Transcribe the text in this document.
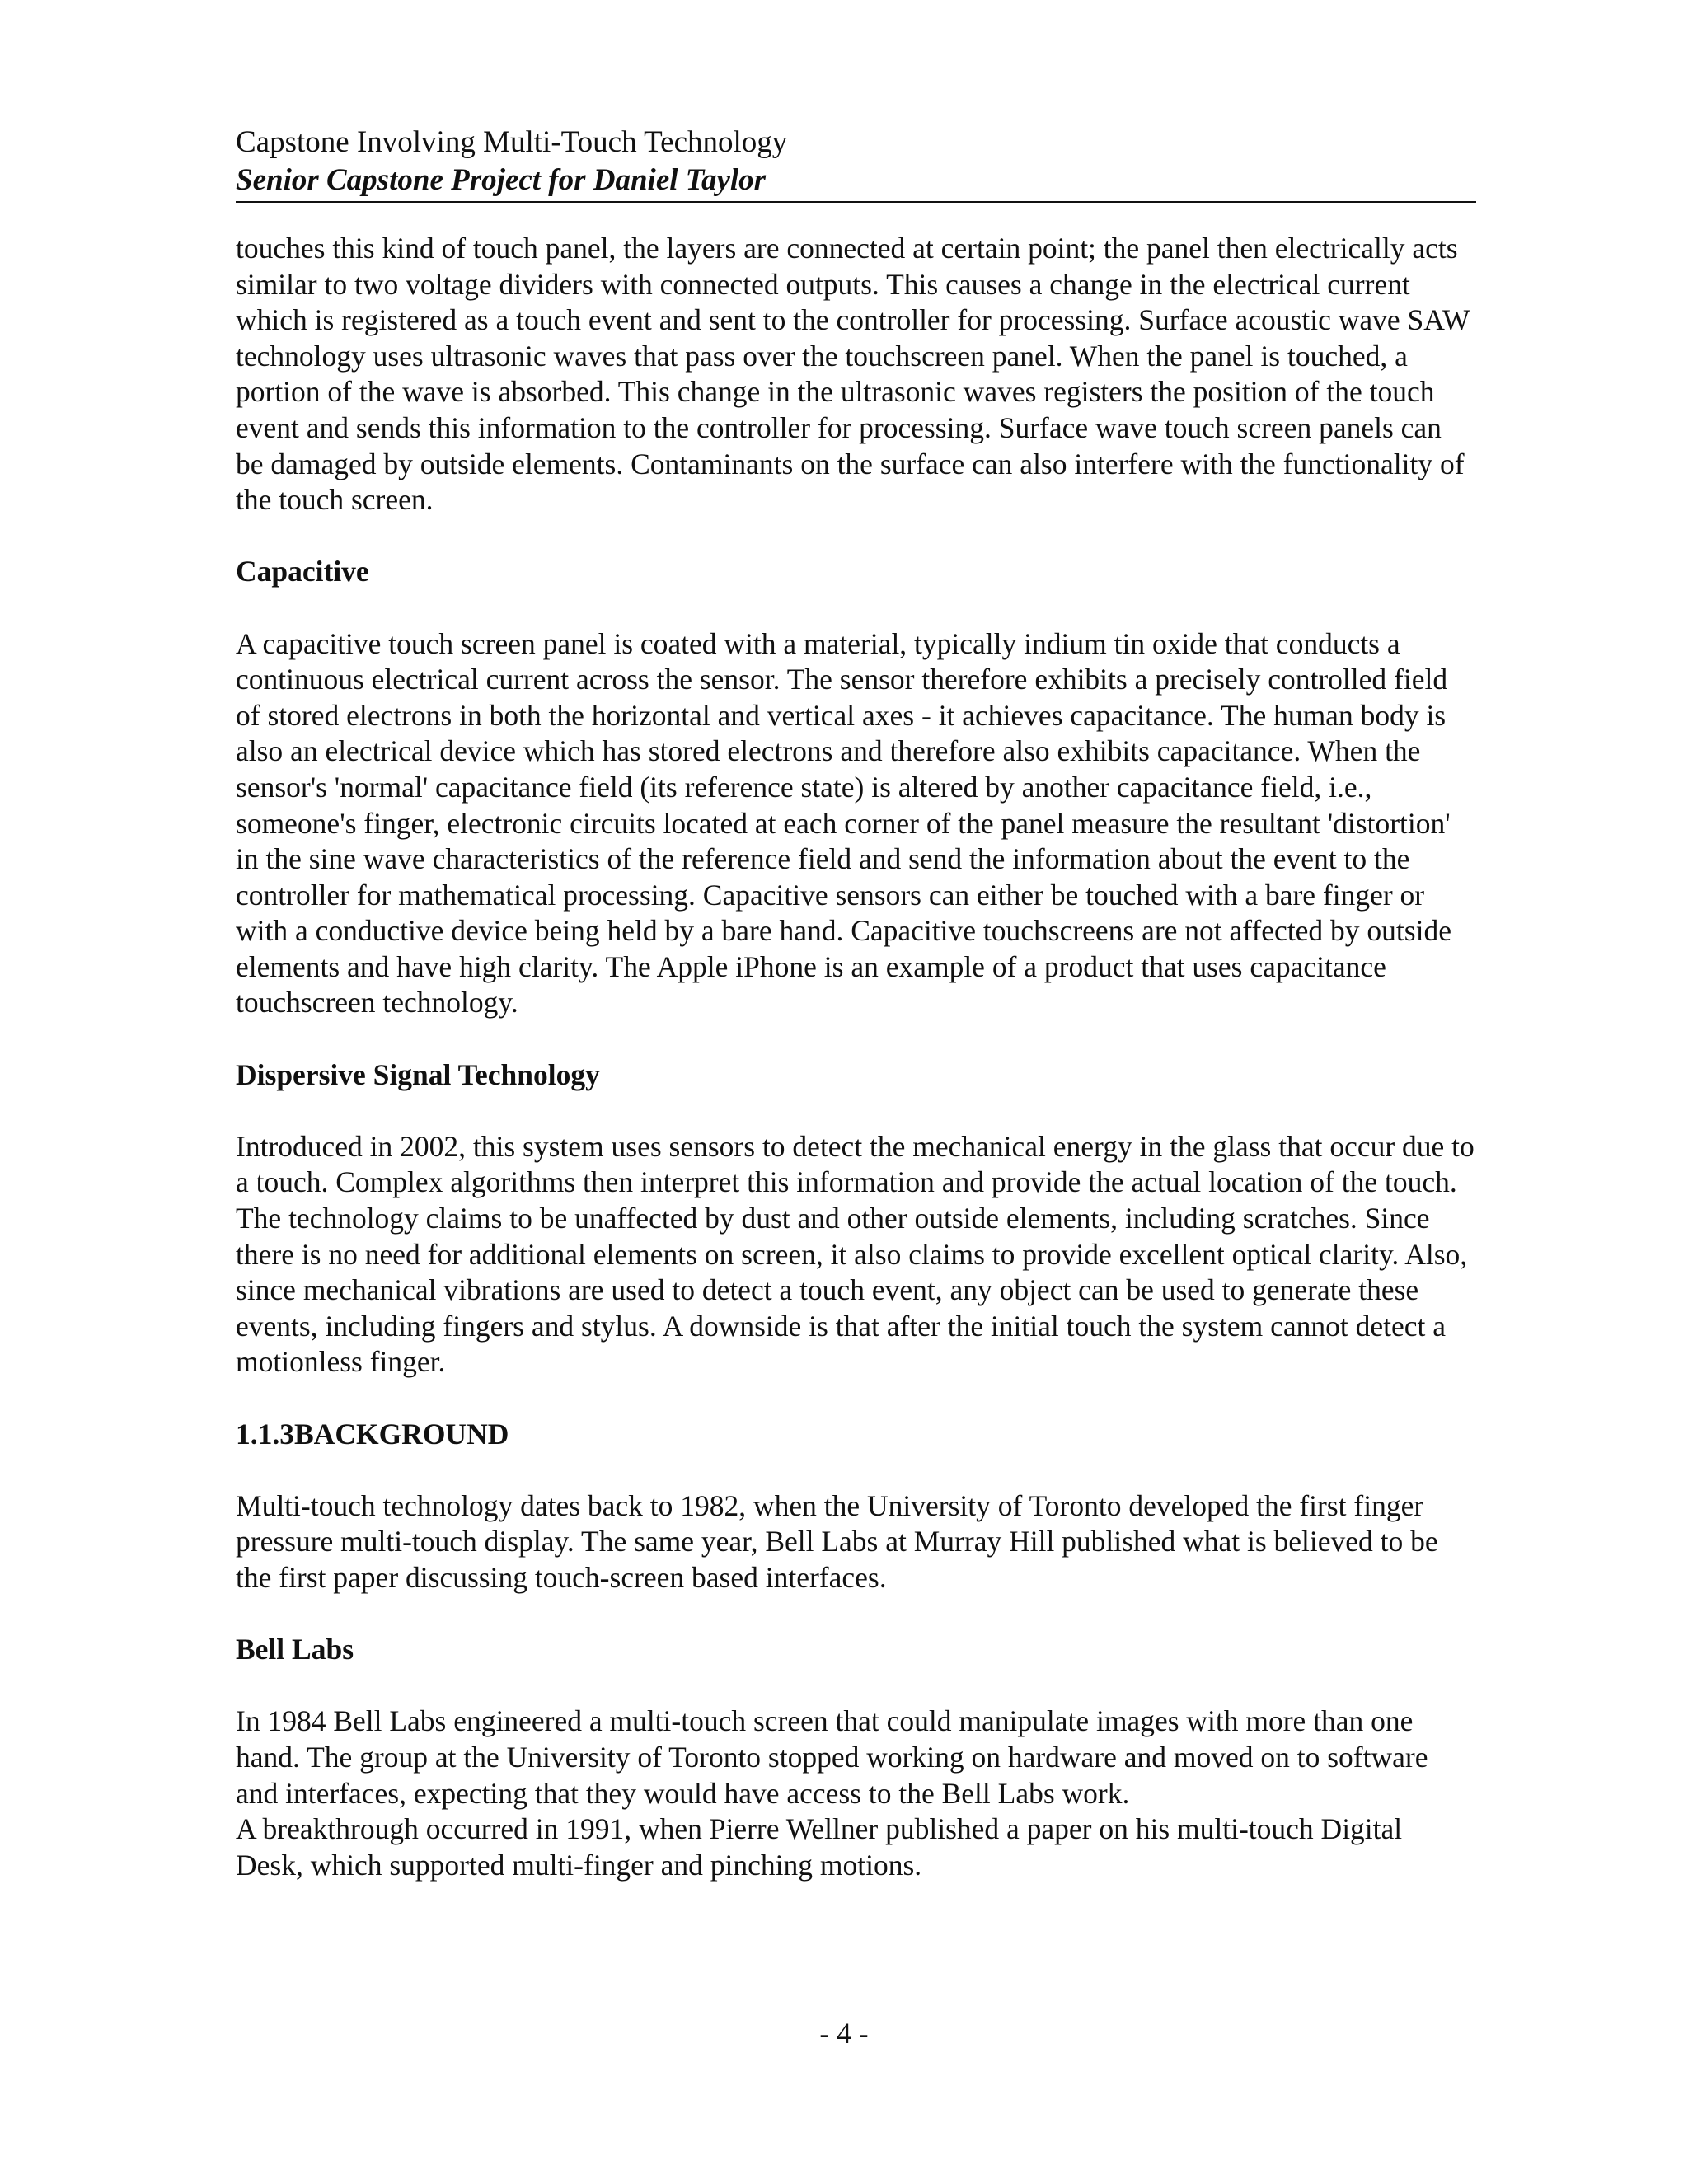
Capstone Involving Multi-Touch Technology
Senior Capstone Project for Daniel Taylor

touches this kind of touch panel, the layers are connected at certain point; the panel then electrically acts similar to two voltage dividers with connected outputs. This causes a change in the electrical current which is registered as a touch event and sent to the controller for processing. Surface acoustic wave SAW technology uses ultrasonic waves that pass over the touchscreen panel. When the panel is touched, a portion of the wave is absorbed. This change in the ultrasonic waves registers the position of the touch event and sends this information to the controller for processing. Surface wave touch screen panels can be damaged by outside elements. Contaminants on the surface can also interfere with the functionality of the touch screen.

Capacitive

A capacitive touch screen panel is coated with a material, typically indium tin oxide that conducts a continuous electrical current across the sensor. The sensor therefore exhibits a precisely controlled field of stored electrons in both the horizontal and vertical axes - it achieves capacitance. The human body is also an electrical device which has stored electrons and therefore also exhibits capacitance. When the sensor's 'normal' capacitance field (its reference state) is altered by another capacitance field, i.e., someone's finger, electronic circuits located at each corner of the panel measure the resultant 'distortion' in the sine wave characteristics of the reference field and send the information about the event to the controller for mathematical processing. Capacitive sensors can either be touched with a bare finger or with a conductive device being held by a bare hand. Capacitive touchscreens are not affected by outside elements and have high clarity. The Apple iPhone is an example of a product that uses capacitance touchscreen technology.

Dispersive Signal Technology

Introduced in 2002, this system uses sensors to detect the mechanical energy in the glass that occur due to a touch. Complex algorithms then interpret this information and provide the actual location of the touch. The technology claims to be unaffected by dust and other outside elements, including scratches. Since there is no need for additional elements on screen, it also claims to provide excellent optical clarity. Also, since mechanical vibrations are used to detect a touch event, any object can be used to generate these events, including fingers and stylus. A downside is that after the initial touch the system cannot detect a motionless finger.

1.1.3BACKGROUND

Multi-touch technology dates back to 1982, when the University of Toronto developed the first finger pressure multi-touch display. The same year, Bell Labs at Murray Hill published what is believed to be the first paper discussing touch-screen based interfaces.

Bell Labs

In 1984 Bell Labs engineered a multi-touch screen that could manipulate images with more than one hand. The group at the University of Toronto stopped working on hardware and moved on to software and interfaces, expecting that they would have access to the Bell Labs work.

A breakthrough occurred in 1991, when Pierre Wellner published a paper on his multi-touch Digital Desk, which supported multi-finger and pinching motions.

- 4 -
